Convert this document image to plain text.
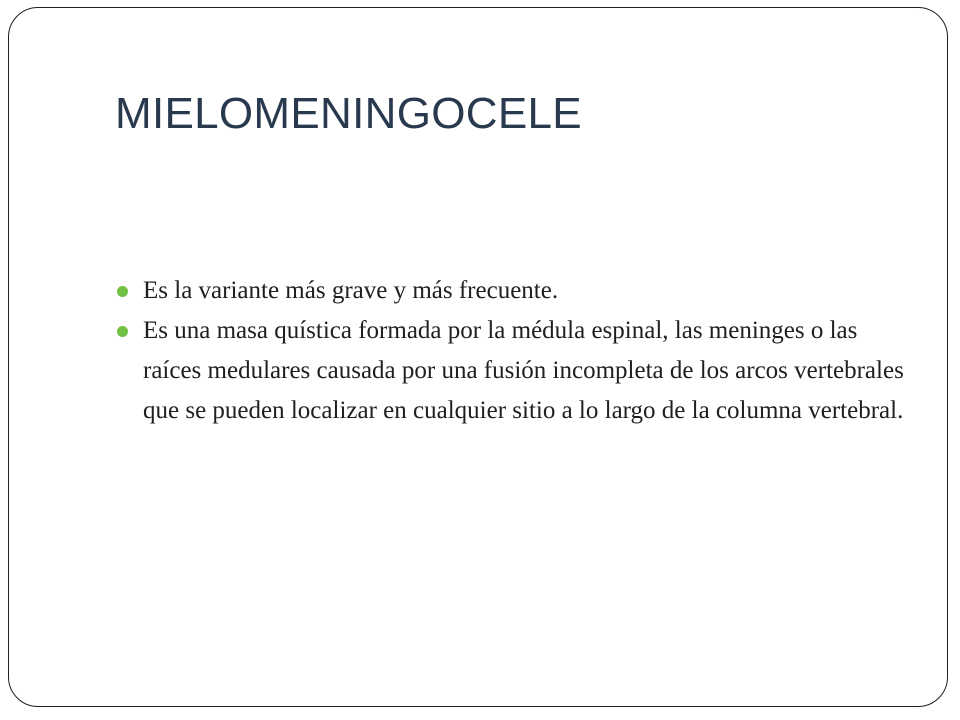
MIELOMENINGOCELE
Es la variante más grave y más frecuente.
Es una masa quística formada por la médula espinal, las meninges o las raíces medulares causada por una fusión incompleta de los arcos vertebrales que se pueden localizar en cualquier sitio a lo largo de la columna vertebral.
